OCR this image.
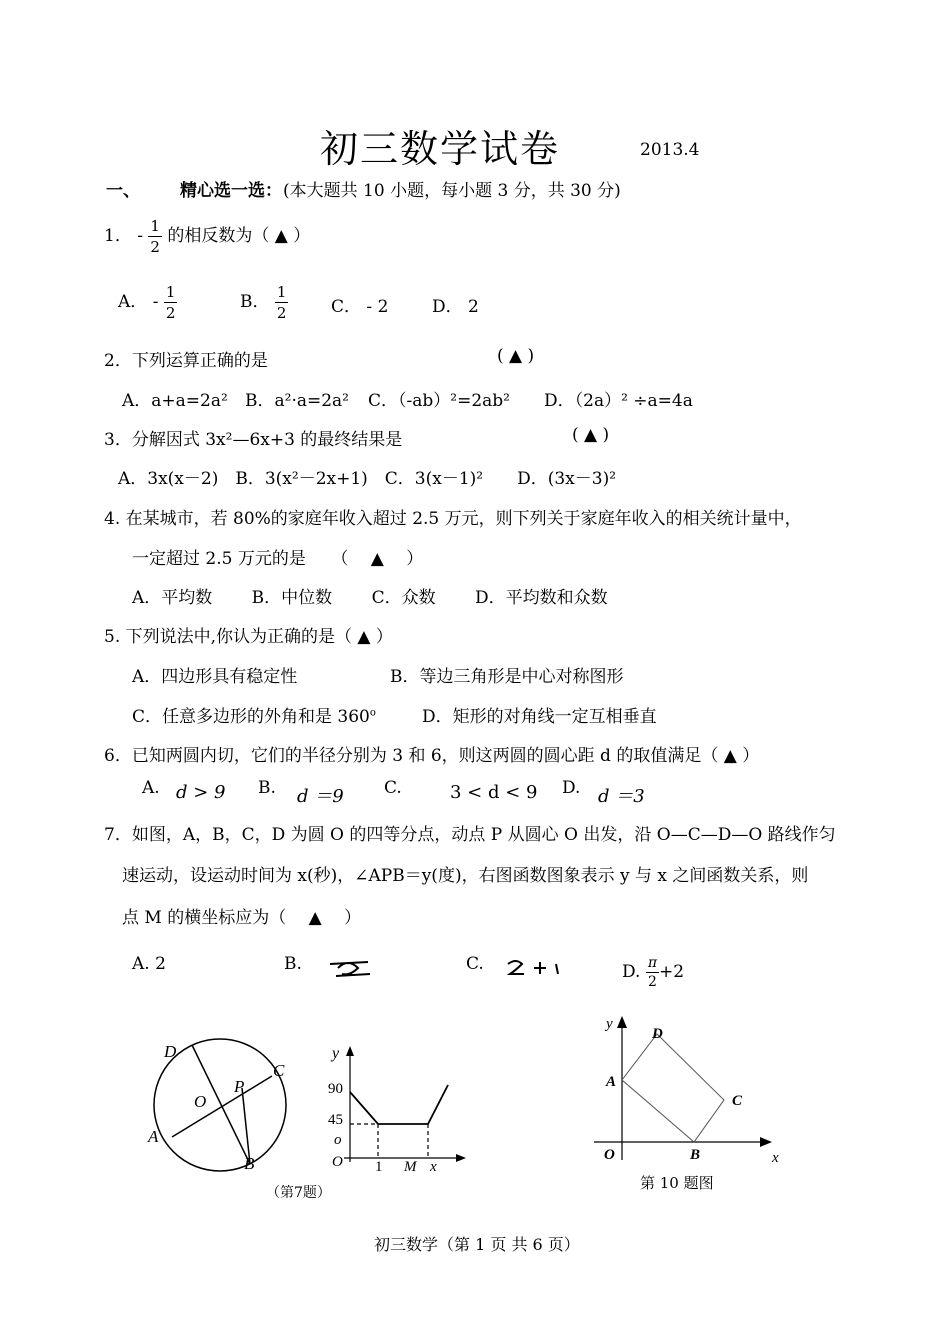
初三数学试卷	2013.4
一、 精心选一选： (本大题共 10 小题，每小题 3 分，共 30 分)
1． - $\frac{1}{2}$ 的相反数为（ ▲ ）
A． - $\frac{1}{2}$	B． $\frac{1}{2}$	C． - 2	D． 2
2．下列运算正确的是	( ▲ )
A．a+a=2a² B．a²·a=2a² C．（-ab）²=2ab² D．（2a）² ÷a=4a
3．分解因式 3x²—6x+3 的最终结果是	( ▲ )
A．3x(x－2)　B．3(x²－2x+1)　C．3(x－1)²　　D．(3x－3)²
4. 在某城市，若 80%的家庭年收入超过 2.5 万元，则下列关于家庭年收入的相关统计量中，
一定超过 2.5 万元的是　　（　 ▲　 ）
A．平均数　　 B．中位数　　 C．众数　　 D．平均数和众数
5. 下列说法中,你认为正确的是（ ▲ ）
A．四边形具有稳定性	B．等边三角形是中心对称图形
C．任意多边形的外角和是 360$^o$	D．矩形的对角线一定互相垂直
6．已知两圆内切，它们的半径分别为 3 和 6，则这两圆的圆心距 d 的取值满足（ ▲ ）
A. d > 9 B. d ＝9 C.	3 < d < 9 D. d ＝3
7．如图，A，B，C，D 为圆 O 的四等分点，动点 P 从圆心 O 出发，沿 O—C—D—O 路线作匀
速运动，设运动时间为 x(秒)，∠APB＝y(度)，右图函数图象表示 y 与 x 之间函数关系，则
点 M 的横坐标应为（　 ▲　 ）
A. 2	B.	C.	D. $\frac{\pi}{2} +2$
D
C
O
P
A
B
y
90
45
o
O 1 M x
（第7题）
y
D
A
C
O	B	x
第 10 题图
初三数学（第 1 页 共 6 页）
